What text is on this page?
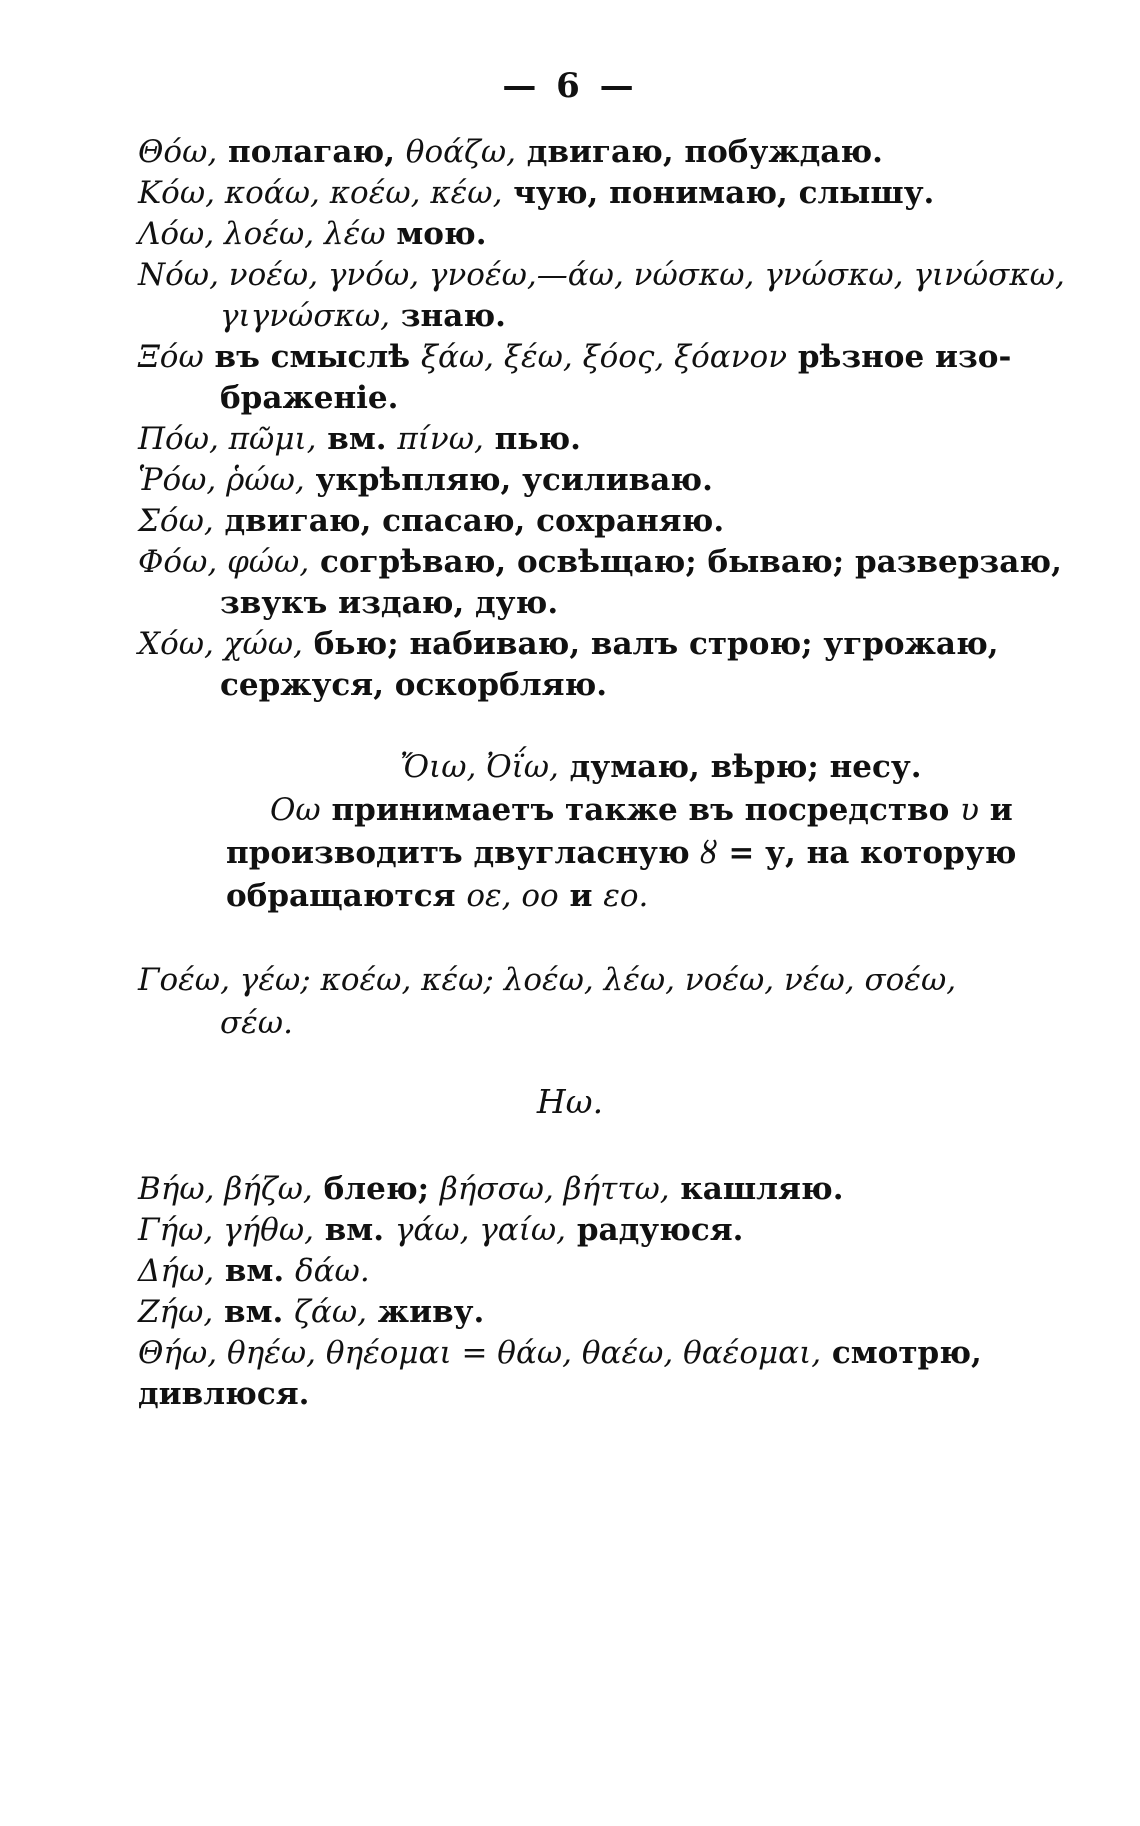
— 6 —
Θόω, полагаю, θοάζω, двигаю, побуждаю.
Κόω, κοάω, κοέω, κέω, чую, понимаю, слышу.
Λόω, λοέω, λέω мою.
Νόω, νοέω, γνόω, γνοέω,—άω, νώσκω, γνώσκω, γινώσκω,
γιγνώσκω, знаю.
Ξόω въ смыслѣ ξάω, ξέω, ξόος, ξόανον рѣзное изо-
браженіе.
Πόω, πῶμι, вм. πίνω, пью.
Ῥόω, ῥώω, укрѣпляю, усиливаю.
Σόω, двигаю, спасаю, сохраняю.
Φόω, φώω, согрѣваю, освѣщаю; бываю; разверзаю,
звукъ издаю, дую.
Χόω, χώω, бью; набиваю, валъ строю; угрожаю,
сержуся, оскорбляю.
Ὄιω, Ὀΐω, думаю, вѣрю; несу.
Οω принимаетъ также въ посредство υ и
производитъ двугласную ȣ = у, на которую
обращаются οε, οο и εο.
Γοέω, γέω; κοέω, κέω; λοέω, λέω, νοέω, νέω, σοέω,
σέω.
Ηω.
Βήω, βήζω, блею; βήσσω, βήττω, кашляю.
Γήω, γήθω, вм. γάω, γαίω, радуюся.
Δήω, вм. δάω.
Ζήω, вм. ζάω, живу.
Θήω, θηέω, θηέομαι = θάω, θαέω, θαέομαι, смотрю,
дивлюся.
